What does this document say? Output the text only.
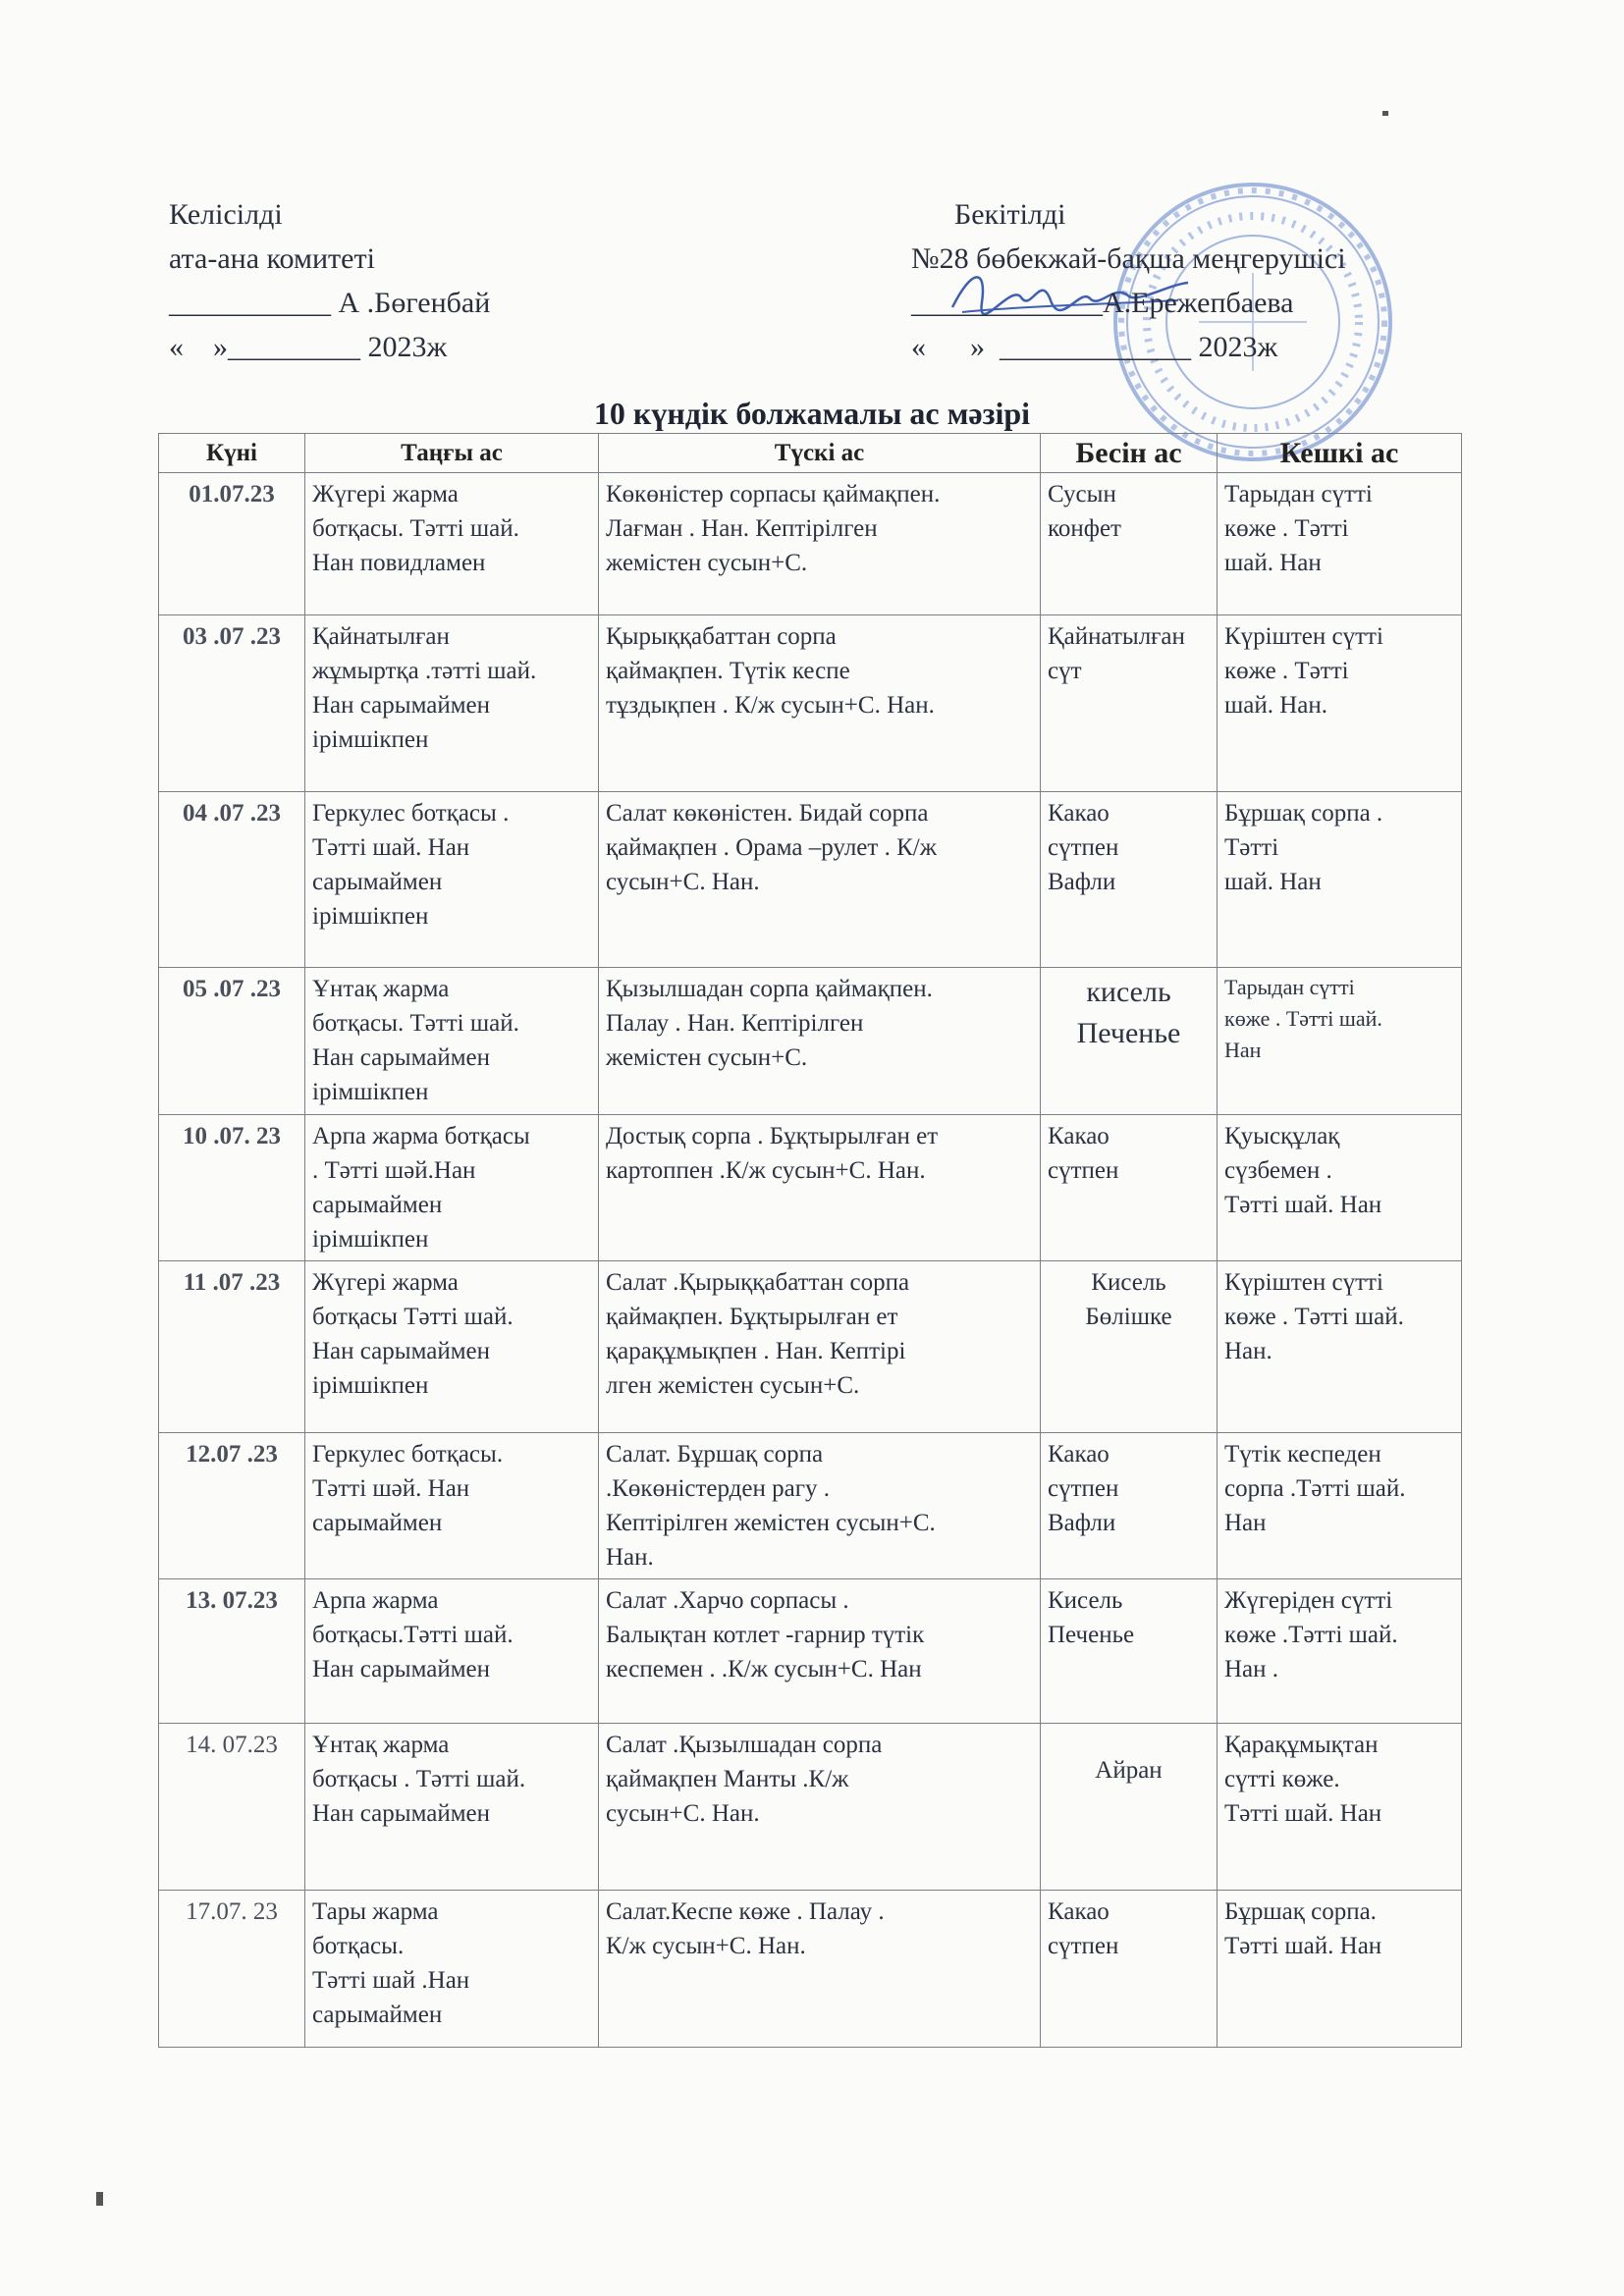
Келісілді
ата-ана комитеті
___________ А .Бөгенбай
«    »_________ 2023ж
Бекітілді
№28 бөбекжай-бақша меңгерушісі
_____________А.Ережепбаева
«      »  _____________ 2023ж
10 күндік болжамалы ас мәзірі
Күні	Таңғы ас	Түскі ас	Бесін ас	Кешкі ас
01.07.23	Жүгері жарма
ботқасы. Тәтті шай.
Нан повидламен	Көкөністер сорпасы қаймақпен.
Лағман . Нан. Кептірілген
жемістен сусын+С.	Сусын
конфет	Тарыдан сүтті
көже . Тәтті
шай. Нан
03 .07 .23	Қайнатылған
жұмыртқа .тәтті шай.
Нан сарымаймен
ірімшікпен	Қырыққабаттан сорпа
қаймақпен. Түтік кеспе
тұздықпен . К/ж сусын+С. Нан.	Қайнатылған
сүт	Күріштен сүтті
көже . Тәтті
шай. Нан.
04 .07 .23	Геркулес ботқасы .
Тәтті шай. Нан
сарымаймен
ірімшікпен	Салат көкөністен. Бидай сорпа
қаймақпен . Орама –рулет . К/ж
сусын+С. Нан.	Какао
сүтпен
Вафли	Бұршақ сорпа .
Тәтті
шай. Нан
05 .07 .23	Ұнтақ жарма
ботқасы. Тәтті шай.
Нан сарымаймен
ірімшікпен	Қызылшадан сорпа қаймақпен.
Палау . Нан. Кептірілген
жемістен сусын+С.	кисель
Печенье	Тарыдан сүтті
көже . Тәтті шай.
Нан
10 .07. 23	Арпа жарма ботқасы
. Тәтті шәй.Нан
сарымаймен
ірімшікпен	Достық сорпа . Бұқтырылған ет
картоппен .К/ж сусын+С. Нан.	Какао
сүтпен	Қуысқұлақ
сүзбемен .
Тәтті шай. Нан
11 .07 .23	Жүгері жарма
ботқасы Тәтті шай.
Нан сарымаймен
ірімшікпен	Салат .Қырыққабаттан сорпа
қаймақпен. Бұқтырылған ет
қарақұмықпен . Нан. Кептірі
лген жемістен сусын+С.	Кисель
Бөлішке	Күріштен сүтті
көже . Тәтті шай.
Нан.
12.07 .23	Геркулес ботқасы.
Тәтті шәй. Нан
сарымаймен	Салат. Бұршақ сорпа
.Көкөністерден рагу .
Кептірілген жемістен сусын+С.
Нан.	Какао
сүтпен
Вафли	Түтік кеспеден
сорпа .Тәтті шай.
Нан
13. 07.23	Арпа жарма
ботқасы.Тәтті шай.
Нан сарымаймен	Салат .Харчо сорпасы .
Балықтан котлет -гарнир түтік
кеспемен . .К/ж сусын+С. Нан	Кисель
Печенье	Жүгеріден сүтті
көже .Тәтті шай.
Нан .
14. 07.23	Ұнтақ жарма
ботқасы . Тәтті шай.
Нан сарымаймен	Салат .Қызылшадан сорпа
қаймақпен Манты .К/ж
сусын+С. Нан.	Айран	Қарақұмықтан
сүтті көже.
Тәтті шай. Нан
17.07. 23	Тары жарма
ботқасы.
Тәтті шай .Нан
сарымаймен	Салат.Кеспе көже . Палау .
К/ж сусын+С. Нан.	Какао
сүтпен	Бұршақ сорпа.
Тәтті шай. Нан
